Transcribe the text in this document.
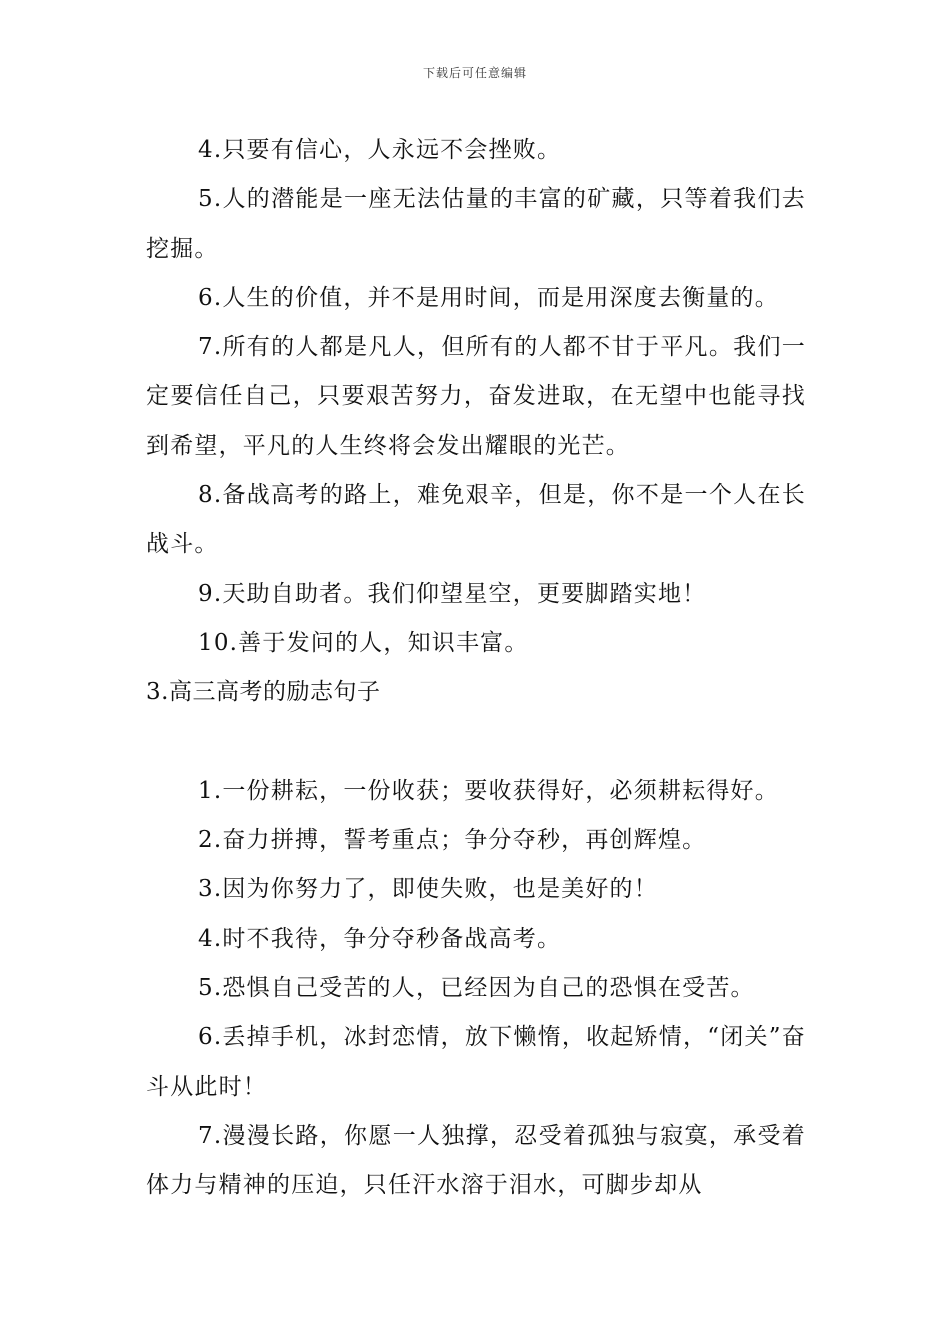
下载后可任意编辑

4.只要有信心，人永远不会挫败。

5.人的潜能是一座无法估量的丰富的矿藏，只等着我们去挖掘。

6.人生的价值，并不是用时间，而是用深度去衡量的。

7.所有的人都是凡人，但所有的人都不甘于平凡。我们一定要信任自己，只要艰苦努力，奋发进取，在无望中也能寻找到希望，平凡的人生终将会发出耀眼的光芒。

8.备战高考的路上，难免艰辛，但是，你不是一个人在长战斗。

9.天助自助者。我们仰望星空，更要脚踏实地！

10.善于发问的人，知识丰富。

3.高三高考的励志句子

1.一份耕耘，一份收获；要收获得好，必须耕耘得好。

2.奋力拼搏，誓考重点；争分夺秒，再创辉煌。

3.因为你努力了，即使失败，也是美好的！

4.时不我待，争分夺秒备战高考。

5.恐惧自己受苦的人，已经因为自己的恐惧在受苦。

6.丢掉手机，冰封恋情，放下懒惰，收起矫情，“闭关”奋斗从此时！

7.漫漫长路，你愿一人独撑，忍受着孤独与寂寞，承受着体力与精神的压迫，只任汗水溶于泪水，可脚步却从
